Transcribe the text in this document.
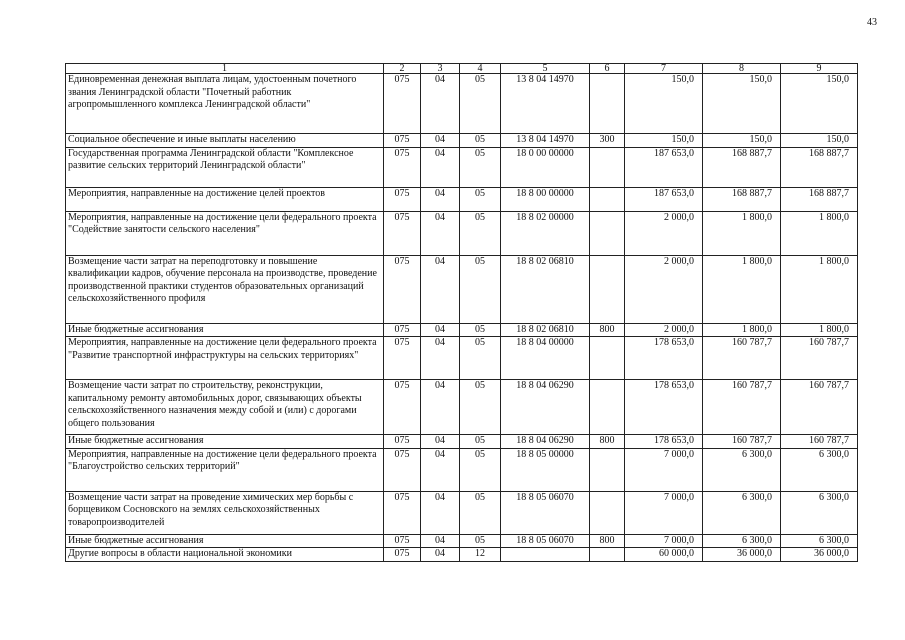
43
1	2	3	4	5	6	7	8	9
Единовременная денежная выплата лицам, удостоенным почетного звания Ленинградской области "Почетный работник агропромышленного комплекса Ленинградской области"	075	04	05	13 8 04 14970		150,0	150,0	150,0
Социальное обеспечение и иные выплаты населению	075	04	05	13 8 04 14970	300	150,0	150,0	150,0
Государственная программа Ленинградской области "Комплексное развитие сельских территорий Ленинградской области"	075	04	05	18 0 00 00000		187 653,0	168 887,7	168 887,7
Мероприятия, направленные на достижение целей проектов	075	04	05	18 8 00 00000		187 653,0	168 887,7	168 887,7
Мероприятия, направленные на достижение цели федерального проекта "Содействие занятости сельского населения"	075	04	05	18 8 02 00000		2 000,0	1 800,0	1 800,0
Возмещение части затрат на переподготовку и повышение квалификации кадров, обучение персонала на производстве, проведение производственной практики студентов образовательных организаций сельскохозяйственного профиля	075	04	05	18 8 02 06810		2 000,0	1 800,0	1 800,0
Иные бюджетные ассигнования	075	04	05	18 8 02 06810	800	2 000,0	1 800,0	1 800,0
Мероприятия, направленные на достижение цели федерального проекта "Развитие транспортной инфраструктуры на сельских территориях"	075	04	05	18 8 04 00000		178 653,0	160 787,7	160 787,7
Возмещение части затрат по строительству, реконструкции, капитальному ремонту автомобильных дорог, связывающих объекты сельскохозяйственного назначения между собой и (или) с дорогами общего пользования	075	04	05	18 8 04 06290		178 653,0	160 787,7	160 787,7
Иные бюджетные ассигнования	075	04	05	18 8 04 06290	800	178 653,0	160 787,7	160 787,7
Мероприятия, направленные на достижение цели федерального проекта "Благоустройство сельских территорий"	075	04	05	18 8 05 00000		7 000,0	6 300,0	6 300,0
Возмещение части затрат на проведение химических мер борьбы с борщевиком Сосновского на землях сельскохозяйственных товаропроизводителей	075	04	05	18 8 05 06070		7 000,0	6 300,0	6 300,0
Иные бюджетные ассигнования	075	04	05	18 8 05 06070	800	7 000,0	6 300,0	6 300,0
Другие вопросы в области национальной экономики	075	04	12			60 000,0	36 000,0	36 000,0
